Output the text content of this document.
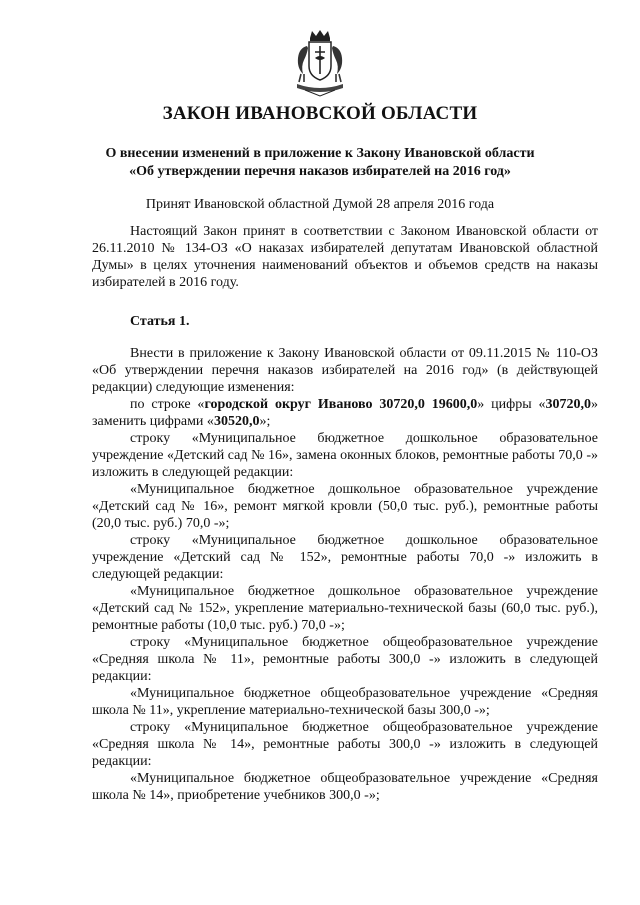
ЗАКОН ИВАНОВСКОЙ ОБЛАСТИ
О внесении изменений в приложение к Закону Ивановской области
«Об утверждении перечня наказов избирателей на 2016 год»
Принят Ивановской областной Думой 28 апреля 2016 года

Настоящий Закон принят в соответствии с Законом Ивановской области от 26.11.2010 № 134-ОЗ «О наказах избирателей депутатам Ивановской областной Думы» в целях уточнения наименований объектов и объемов средств на наказы избирателей в 2016 году.

Статья 1.

Внести в приложение к Закону Ивановской области от 09.11.2015 № 110-ОЗ «Об утверждении перечня наказов избирателей на 2016 год» (в действующей редакции) следующие изменения:

по строке «городской округ Иваново 30720,0 19600,0» цифры «30720,0» заменить цифрами «30520,0»;

строку «Муниципальное бюджетное дошкольное образовательное учреждение «Детский сад № 16», замена оконных блоков, ремонтные работы 70,0 -» изложить в следующей редакции:

«Муниципальное бюджетное дошкольное образовательное учреждение «Детский сад № 16», ремонт мягкой кровли (50,0 тыс. руб.), ремонтные работы (20,0 тыс. руб.) 70,0 -»;

строку «Муниципальное бюджетное дошкольное образовательное учреждение «Детский сад № 152», ремонтные работы 70,0 -» изложить в следующей редакции:

«Муниципальное бюджетное дошкольное образовательное учреждение «Детский сад № 152», укрепление материально-технической базы (60,0 тыс. руб.), ремонтные работы (10,0 тыс. руб.) 70,0 -»;

строку «Муниципальное бюджетное общеобразовательное учреждение «Средняя школа № 11», ремонтные работы 300,0 -» изложить в следующей редакции:

«Муниципальное бюджетное общеобразовательное учреждение «Средняя школа № 11», укрепление материально-технической базы 300,0 -»;

строку «Муниципальное бюджетное общеобразовательное учреждение «Средняя школа № 14», ремонтные работы 300,0 -» изложить в следующей редакции:

«Муниципальное бюджетное общеобразовательное учреждение «Средняя школа № 14», приобретение учебников 300,0 -»;
